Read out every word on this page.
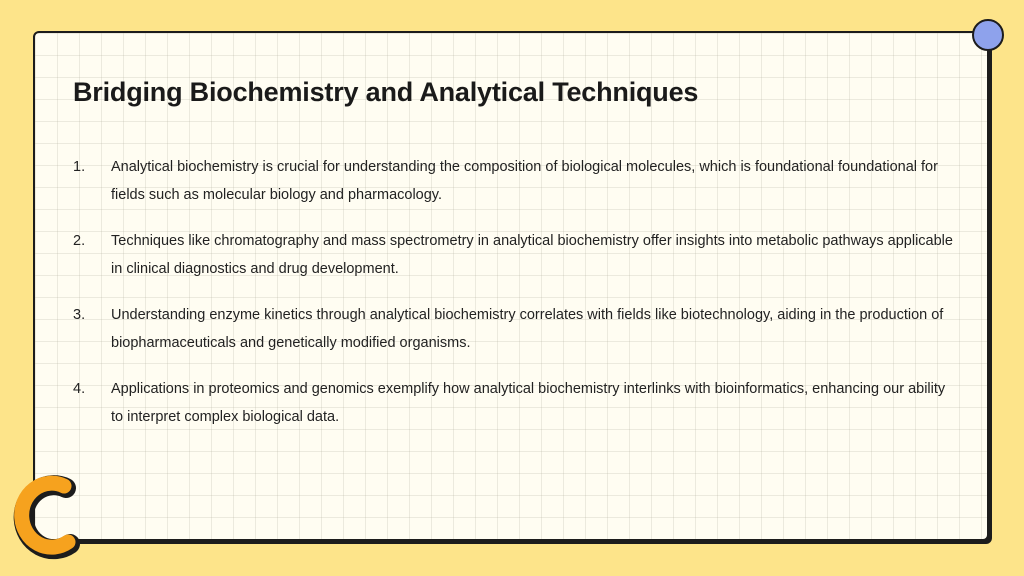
Bridging Biochemistry and Analytical Techniques
1. Analytical biochemistry is crucial for understanding the composition of biological molecules, which is foundational foundational for fields such as molecular biology and pharmacology.
2. Techniques like chromatography and mass spectrometry in analytical biochemistry offer insights into metabolic pathways applicable in clinical diagnostics and drug development.
3. Understanding enzyme kinetics through analytical biochemistry correlates with fields like biotechnology, aiding in the production of biopharmaceuticals and genetically modified organisms.
4. Applications in proteomics and genomics exemplify how analytical biochemistry interlinks with bioinformatics, enhancing our ability to interpret complex biological data.
